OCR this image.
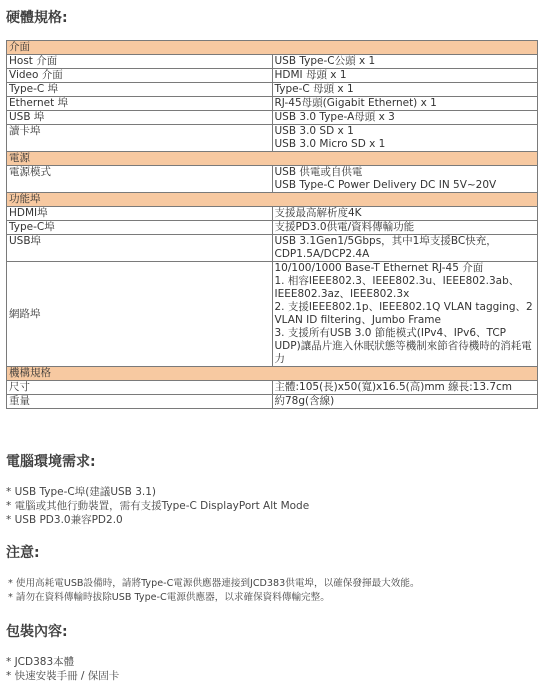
硬體規格:
介面	
Host 介面	USB Type-C公頭 x 1
Video 介面	HDMI 母頭 x 1
Type-C 埠	Type-C 母頭 x 1
Ethernet 埠	RJ-45母頭(Gigabit Ethernet) x 1
USB 埠	USB 3.0 Type-A母頭 x 3
讀卡埠	USB 3.0 SD x 1
USB 3.0 Micro SD x 1

電源	
電源模式	USB 供電或自供電
USB Type-C Power Delivery DC IN 5V~20V

功能埠	
HDMI埠	支援最高解析度4K
Type-C埠	支援PD3.0供電/資料傳輸功能
USB埠	USB 3.1Gen1/5Gbps，其中1埠支援BC快充，CDP1.5A/DCP2.4A
網路埠	10/100/1000 Base-T Ethernet RJ-45 介面
1. 相容IEEE802.3、IEEE802.3u、IEEE802.3ab、IEEE802.3az、IEEE802.3x
2. 支援IEEE802.1p、IEEE802.1Q VLAN tagging、2 VLAN ID filtering、Jumbo Frame
3. 支援所有USB 3.0 節能模式(IPv4、IPv6、TCP UDP)讓晶片進入休眠狀態等機制來節省待機時的消耗電力

機構規格	
尺寸	主體:105(長)x50(寬)x16.5(高)mm 線長:13.7cm
重量	約78g(含線)
電腦環境需求:
* USB Type-C埠(建議USB 3.1)
* 電腦或其他行動裝置，需有支援Type-C DisplayPort Alt Mode
* USB PD3.0兼容PD2.0
注意:
* 使用高耗電USB設備時，請將Type-C電源供應器連接到JCD383供電埠，以確保發揮最大效能。
* 請勿在資料傳輸時拔除USB Type-C電源供應器，以求確保資料傳輸完整。
包裝內容:
* JCD383本體
* 快速安裝手冊 / 保固卡
